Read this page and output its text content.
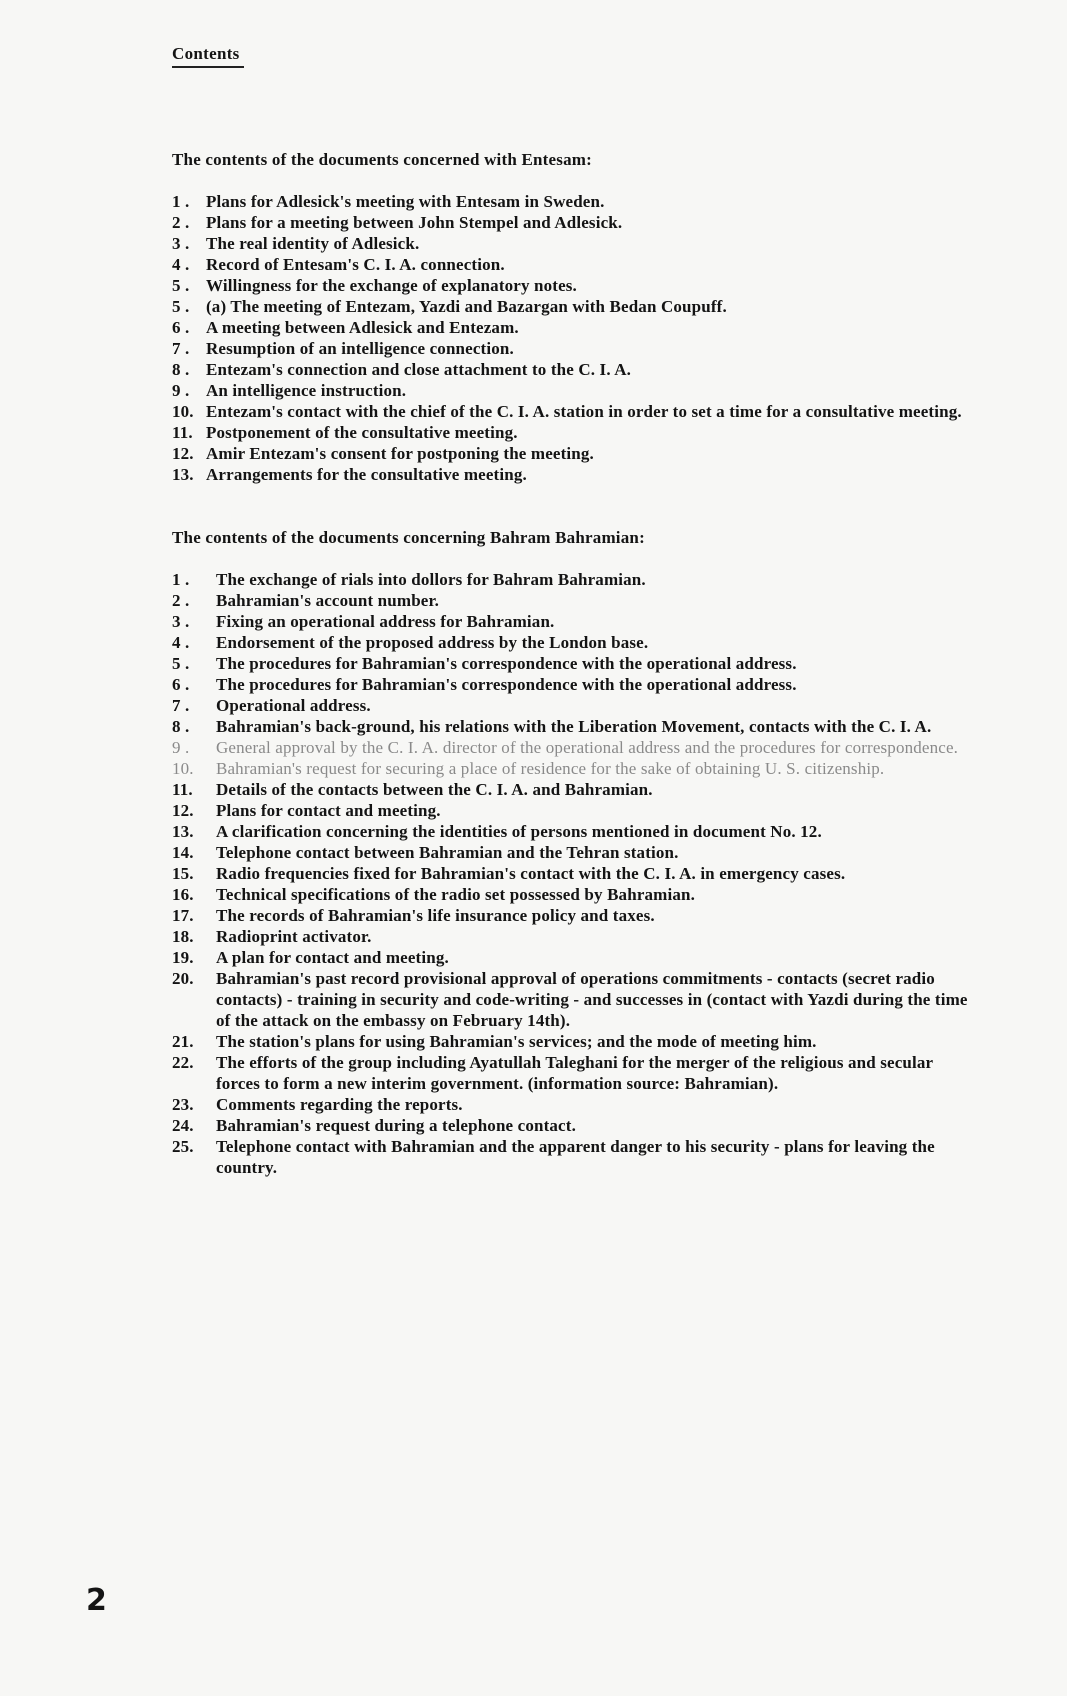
Contents
The contents of the documents concerned with Entesam:
1 . Plans for Adlesick's meeting with Entesam in Sweden.
2 . Plans for a meeting between John Stempel and Adlesick.
3 . The real identity of Adlesick.
4 . Record of Entesam's C. I. A. connection.
5 . Willingness for the exchange of explanatory notes.
5 . (a) The meeting of Entezam, Yazdi and Bazargan with Bedan Coupuff.
6 . A meeting between Adlesick and Entezam.
7 . Resumption of an intelligence connection.
8 . Entezam's connection and close attachment to the C. I. A.
9 . An intelligence instruction.
10. Entezam's contact with the chief of the C. I. A. station in order to set a time for a consultative meeting.
11. Postponement of the consultative meeting.
12. Amir Entezam's consent for postponing the meeting.
13. Arrangements for the consultative meeting.
The contents of the documents concerning Bahram Bahramian:
1 .	The exchange of rials into dollors for Bahram Bahramian.
2 .	Bahramian's account number.
3 .	Fixing an operational address for Bahramian.
4 .	Endorsement of the proposed address by the London base.
5 .	The procedures for Bahramian's correspondence with the operational address.
6 .	The procedures for Bahramian's correspondence with the operational address.
7 .	Operational address.
8 .	Bahramian's back-ground, his relations with the Liberation Movement, contacts with the C. I. A.
9 .	General approval by the C. I. A. director of the operational address and the procedures for correspondence.
10.	Bahramian's request for securing a place of residence for the sake of obtaining U. S. citizenship.
11.	Details of the contacts between the C. I. A. and Bahramian.
12.	Plans for contact and meeting.
13.	A clarification concerning the identities of persons mentioned in document No. 12.
14.	Telephone contact between Bahramian and the Tehran station.
15.	Radio frequencies fixed for Bahramian's contact with the C. I. A. in emergency cases.
16.	Technical specifications of the radio set possessed by Bahramian.
17.	The records of Bahramian's life insurance policy and taxes.
18.	Radioprint activator.
19.	A plan for contact and meeting.
20.	Bahramian's past record provisional approval of operations commitments - contacts (secret radio contacts) - training in security and code-writing - and successes in (contact with Yazdi during the time of the attack on the embassy on February 14th).
21.	The station's plans for using Bahramian's services; and the mode of meeting him.
22.	The efforts of the group including Ayatullah Taleghani for the merger of the religious and secular forces to form a new interim government. (information source: Bahramian).
23.	Comments regarding the reports.
24.	Bahramian's request during a telephone contact.
25.	Telephone contact with Bahramian and the apparent danger to his security - plans for leaving the country.
2
